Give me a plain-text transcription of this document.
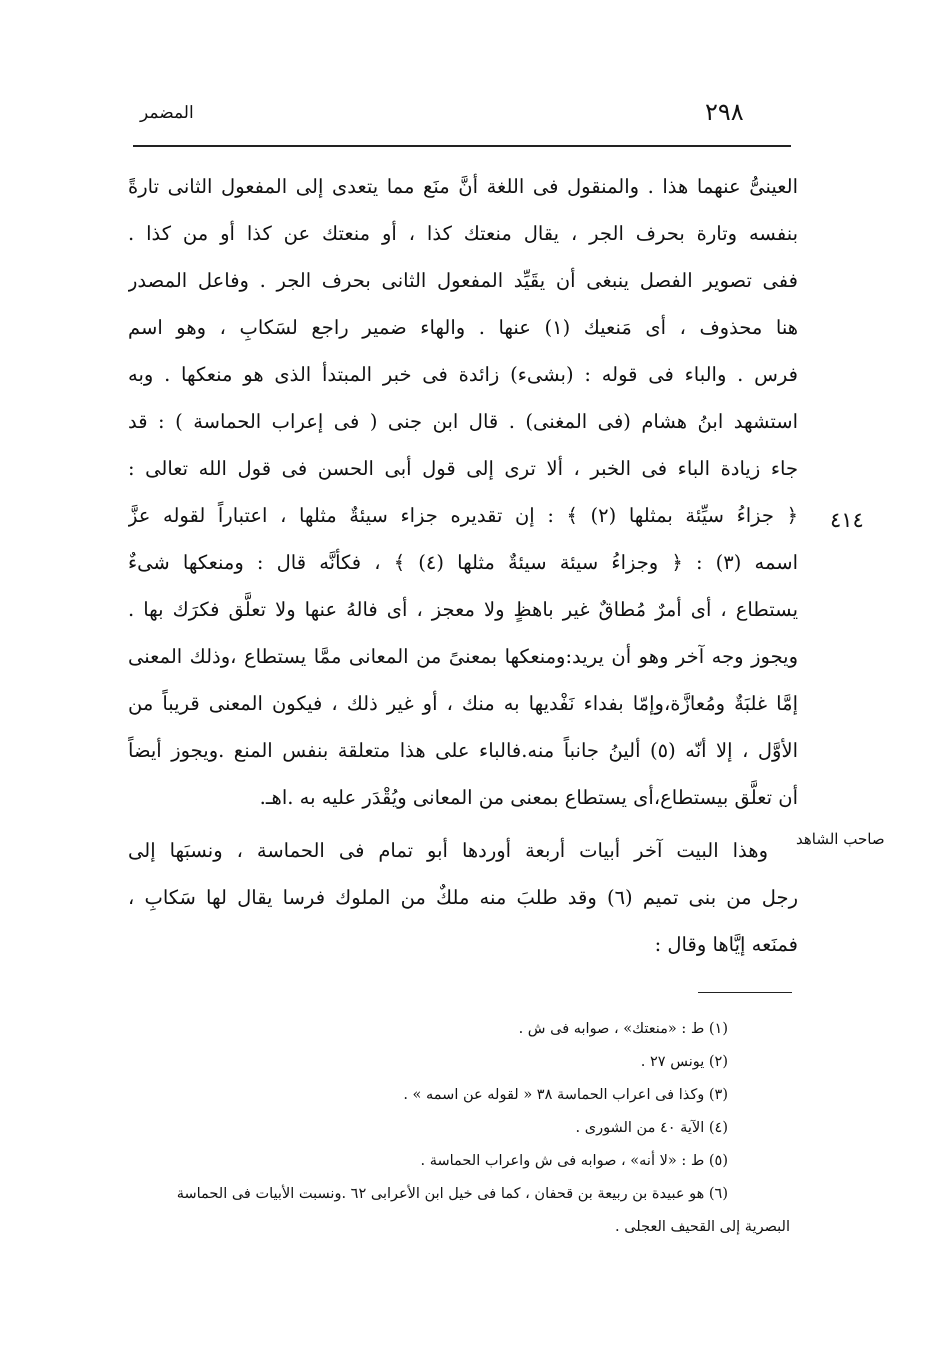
المضمر	٢٩٨
٤١٤
صاحب الشاهد
العينىُّ عنهما هذا . والمنقول فى اللغة أنَّ منَع مما يتعدى إلى المفعول الثانى تارةً
بنفسه وتارة بحرف الجر ، يقال منعتك كذا ، أو منعتك عن كذا أو من كذا .
ففى تصوير الفصل ينبغى أن يقَيِّد المفعول الثانى بحرف الجر . وفاعل المصدر
هنا محذوف ، أى مَنعيك (١) عنها . والهاء ضمير راجع لسَكابِ ، وهو اسم
فرس . والباء فى قوله : (بشىء) زائدة فى خبر المبتدأ الذى هو منعكها . وبه
استشهد ابنُ هشام (فى المغنى) . قال ابن جنى ( فى إعراب الحماسة ) : قد
جاء زيادة الباء فى الخبر ، ألا ترى إلى قول أبى الحسن فى قول الله تعالى :
﴿ جزاءُ سيِّئة بمثلها (٢) ﴾ : إن تقديره جزاء سيئةٌ مثلها ، اعتباراً لقوله عزَّ
اسمه (٣) : ﴿ وجزاءُ سيئة سيئةٌ مثلها (٤) ﴾ ، فكأنَّه قال : ومنعكها شىءٌ
يستطاع ، أى أمرٌ مُطاقٌ غير باهظٍ ولا معجز ، أى فالهُ عنها ولا تعلَّق فكرَك بها .
ويجوز وجه آخر وهو أن يريد:ومنعكها بمعنىً من المعانى ممَّا يستطاع ،وذلك المعنى
إمَّا غلبَةٌ ومُعازَّة،وإمّا بفداء نَفْديها به منك ، أو غير ذلك ، فيكون المعنى قريباً من
الأوَّل ، إلا أنّه (٥) ألينُ جانباً منه.فالباء على هذا متعلقة بنفس المنع .ويجوز أيضاً
أن تعلَّق بيستطاع،أى يستطاع بمعنى من المعانى ويُقْدَر عليه به .اهـ.
وهذا البيت آخر أبيات أربعة أوردها أبو تمام فى الحماسة ، ونسبَها إلى
رجل من بنى تميم (٦) وقد طلبَ منه ملكٌ من الملوك فرسا يقال لها سَكابِ ،
فمنَعه إيَّاها وقال :
(١) ط : «منعتك» ، صوابه فى ش .
(٢) يونس ٢٧ .
(٣) وكذا فى اعراب الحماسة ٣٨ « لقوله عن اسمه » .
(٤) الآية ٤٠ من الشورى .
(٥) ط : «لا أنه» ، صوابه فى ش واعراب الحماسة .
(٦) هو عبيدة بن ربيعة بن قحفان ، كما فى خيل ابن الأعرابى ٦٢ .ونسبت الأبيات فى الحماسة
البصرية إلى القحيف العجلى .
